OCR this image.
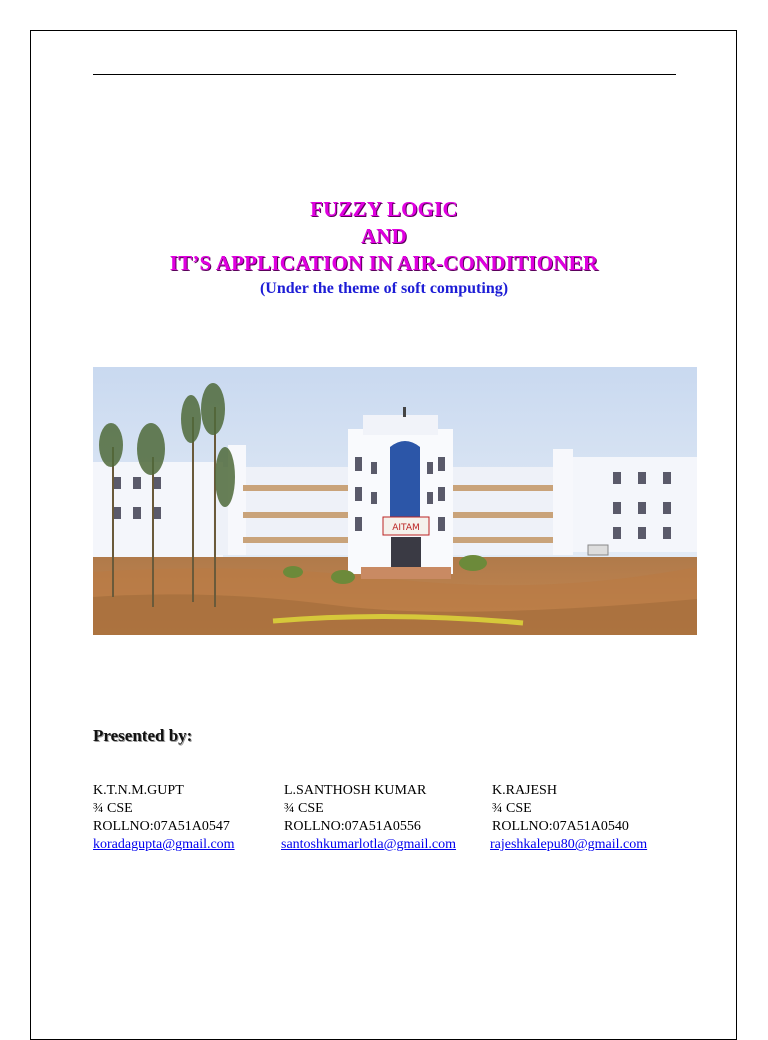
FUZZY LOGIC
AND
IT’S APPLICATION IN AIR-CONDITIONER
(Under the theme of soft computing)
AITAM
Presented by:
K.T.N.M.GUPT
¾ CSE
ROLLNO:07A51A0547
koradagupta@gmail.com
L.SANTHOSH KUMAR
¾ CSE
ROLLNO:07A51A0556
santoshkumarlotla@gmail.com
K.RAJESH
¾ CSE
ROLLNO:07A51A0540
rajeshkalepu80@gmail.com
